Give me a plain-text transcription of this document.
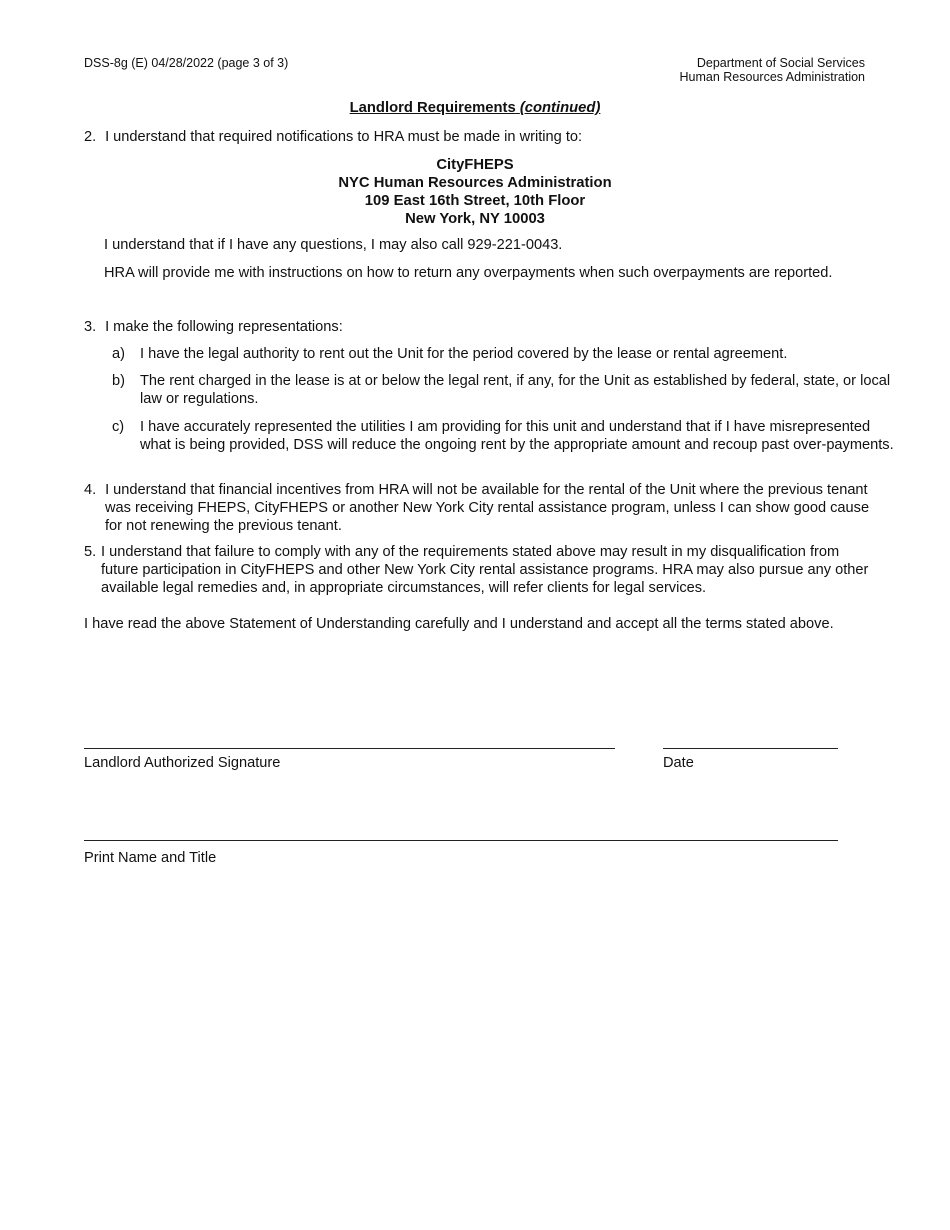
DSS-8g (E) 04/28/2022 (page 3 of 3)	Department of Social Services
Human Resources Administration
Landlord Requirements (continued)
2. I understand that required notifications to HRA must be made in writing to:
CityFHEPS
NYC Human Resources Administration
109 East 16th Street, 10th Floor
New York, NY 10003
I understand that if I have any questions, I may also call 929-221-0043.
HRA will provide me with instructions on how to return any overpayments when such overpayments are reported.
3. I make the following representations:
a) I have the legal authority to rent out the Unit for the period covered by the lease or rental agreement.
b) The rent charged in the lease is at or below the legal rent, if any, for the Unit as established by federal, state, or local law or regulations.
c) I have accurately represented the utilities I am providing for this unit and understand that if I have misrepresented what is being provided, DSS will reduce the ongoing rent by the appropriate amount and recoup past over-payments.
4. I understand that financial incentives from HRA will not be available for the rental of the Unit where the previous tenant was receiving FHEPS, CityFHEPS or another New York City rental assistance program, unless I can show good cause for not renewing the previous tenant.
5. I understand that failure to comply with any of the requirements stated above may result in my disqualification from future participation in CityFHEPS and other New York City rental assistance programs. HRA may also pursue any other available legal remedies and, in appropriate circumstances, will refer clients for legal services.
I have read the above Statement of Understanding carefully and I understand and accept all the terms stated above.
Landlord Authorized Signature	Date
Print Name and Title
